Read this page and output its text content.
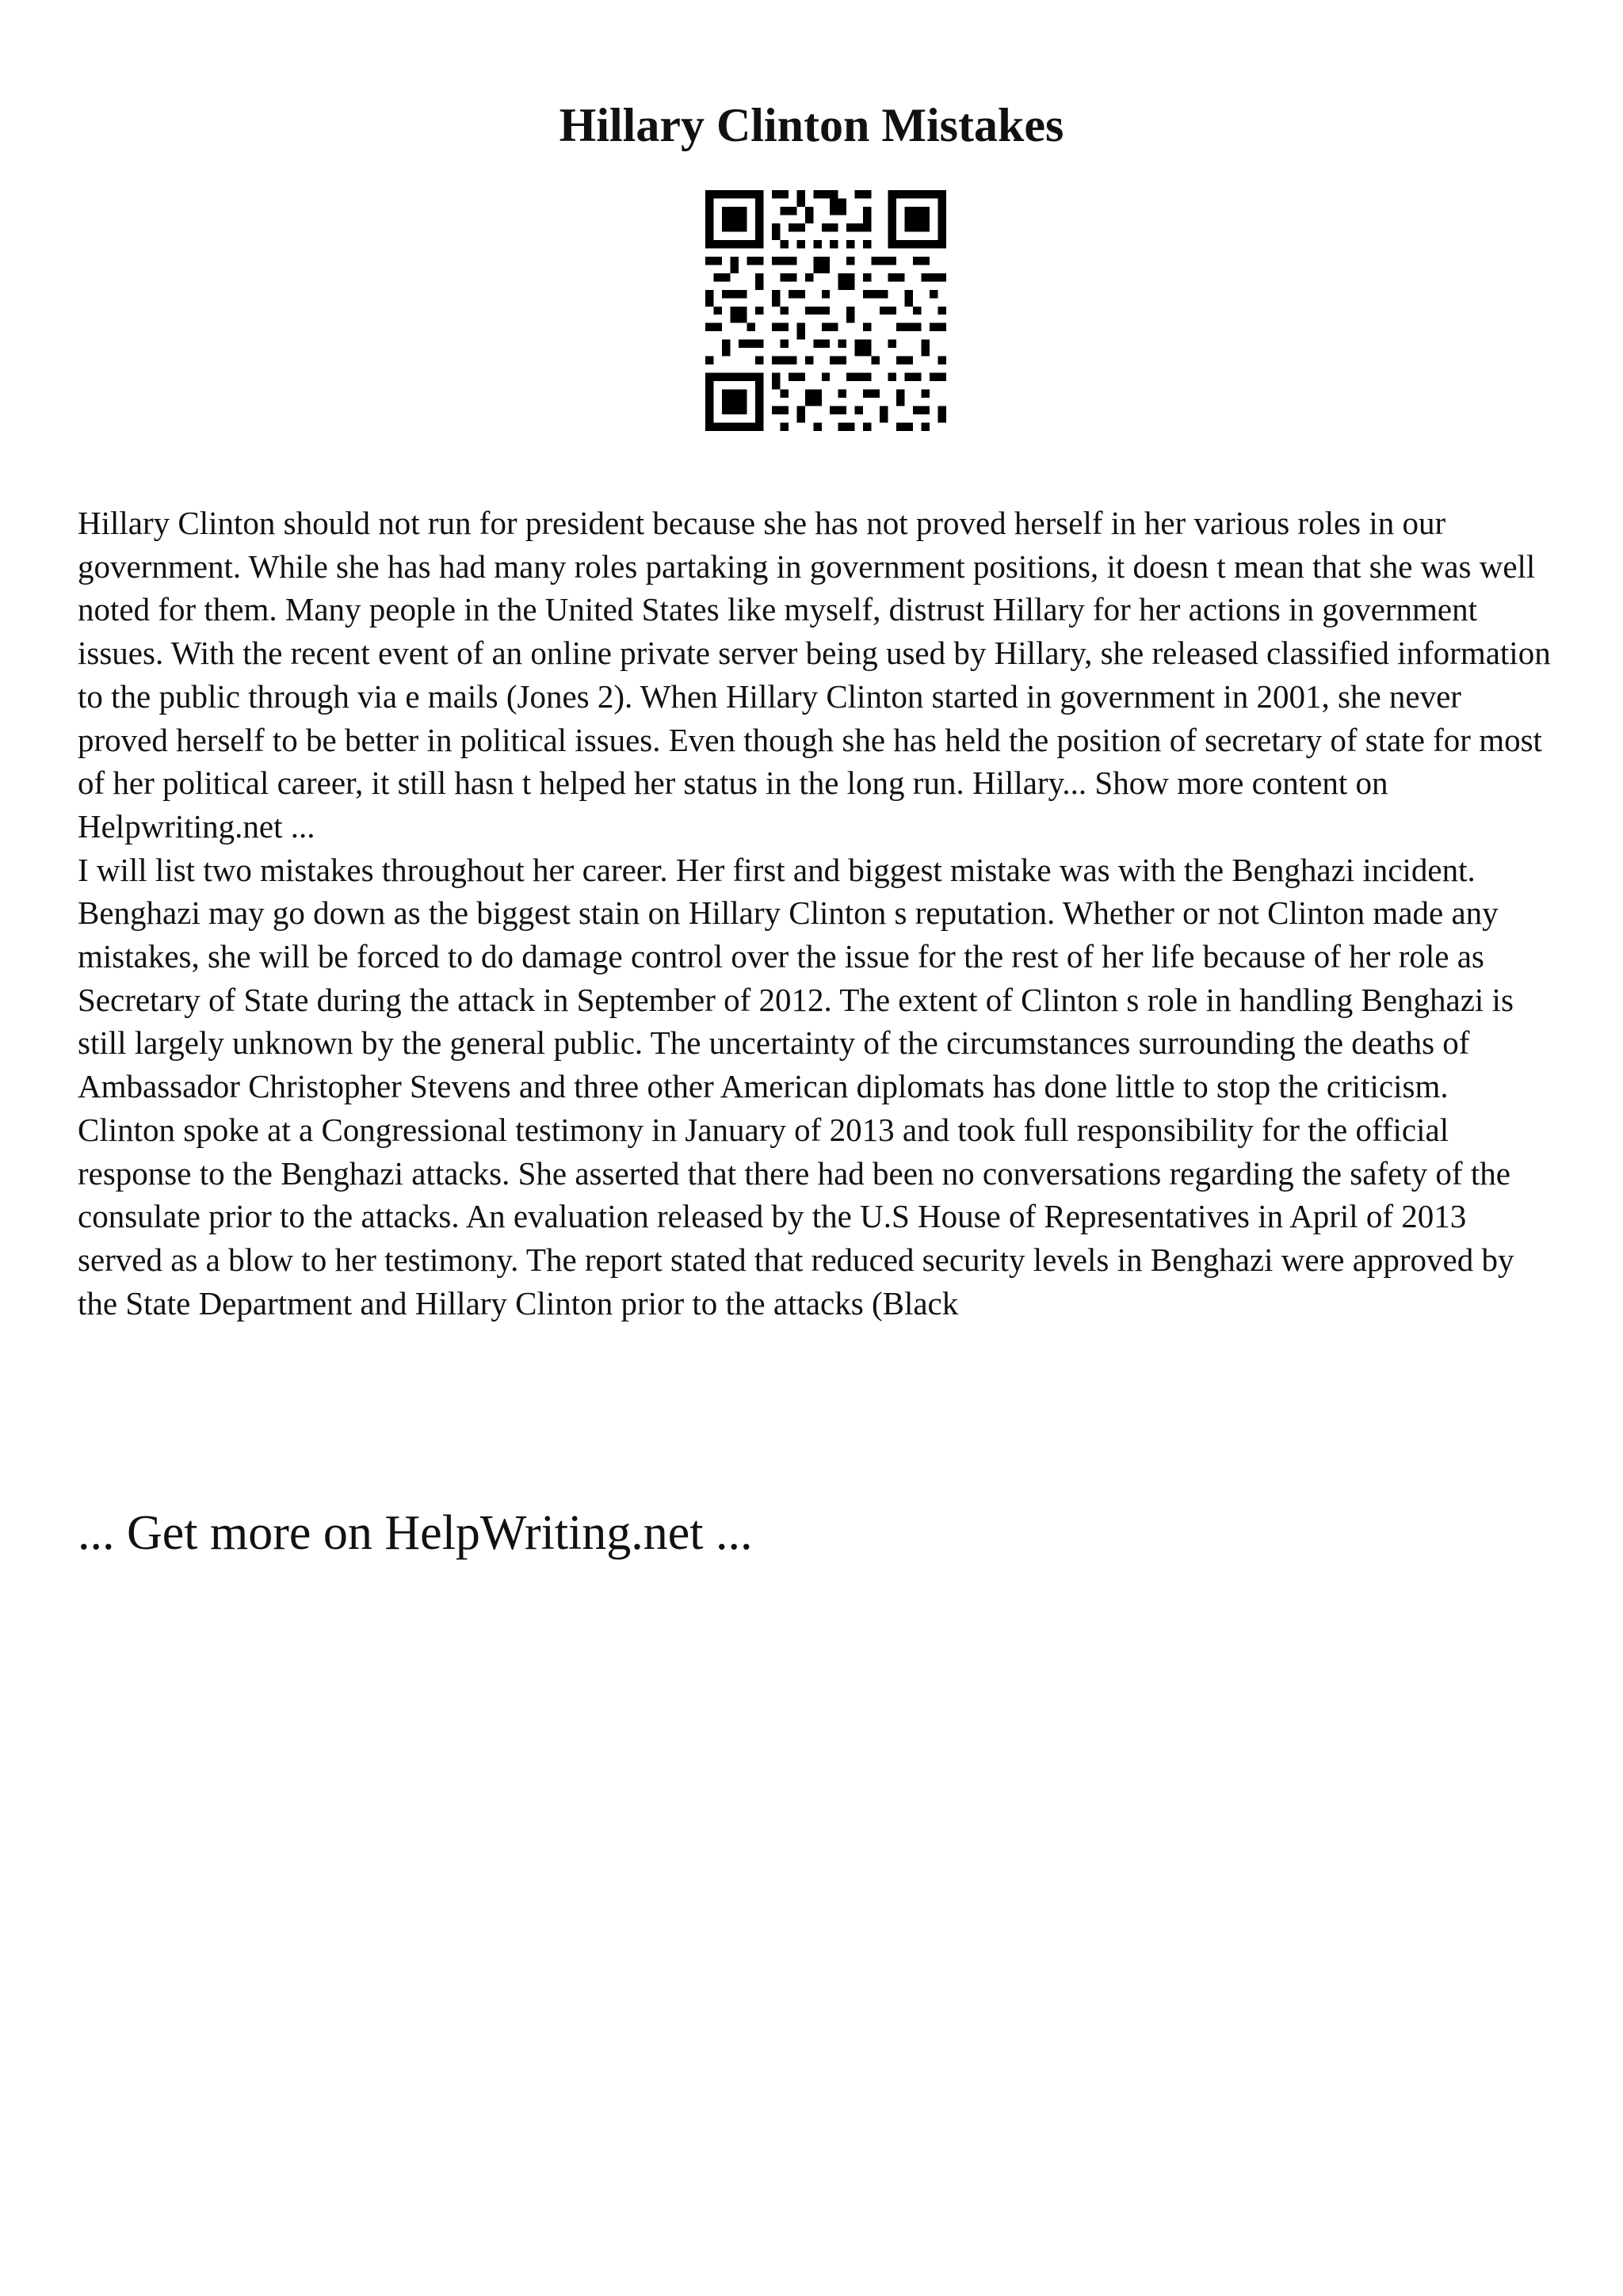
Hillary Clinton Mistakes

Hillary Clinton should not run for president because she has not proved herself in her various roles in our government. While she has had many roles partaking in government positions, it doesn t mean that she was well noted for them. Many people in the United States like myself, distrust Hillary for her actions in government issues. With the recent event of an online private server being used by Hillary, she released classified information to the public through via e mails (Jones 2). When Hillary Clinton started in government in 2001, she never proved herself to be better in political issues. Even though she has held the position of secretary of state for most of her political career, it still hasn t helped her status in the long run. Hillary... Show more content on Helpwriting.net ...

I will list two mistakes throughout her career. Her first and biggest mistake was with the Benghazi incident. Benghazi may go down as the biggest stain on Hillary Clinton s reputation. Whether or not Clinton made any mistakes, she will be forced to do damage control over the issue for the rest of her life because of her role as Secretary of State during the attack in September of 2012. The extent of Clinton s role in handling Benghazi is still largely unknown by the general public. The uncertainty of the circumstances surrounding the deaths of Ambassador Christopher Stevens and three other American diplomats has done little to stop the criticism. Clinton spoke at a Congressional testimony in January of 2013 and took full responsibility for the official response to the Benghazi attacks. She asserted that there had been no conversations regarding the safety of the consulate prior to the attacks. An evaluation released by the U.S House of Representatives in April of 2013 served as a blow to her testimony. The report stated that reduced security levels in Benghazi were approved by the State Department and Hillary Clinton prior to the attacks (Black

... Get more on HelpWriting.net ...
